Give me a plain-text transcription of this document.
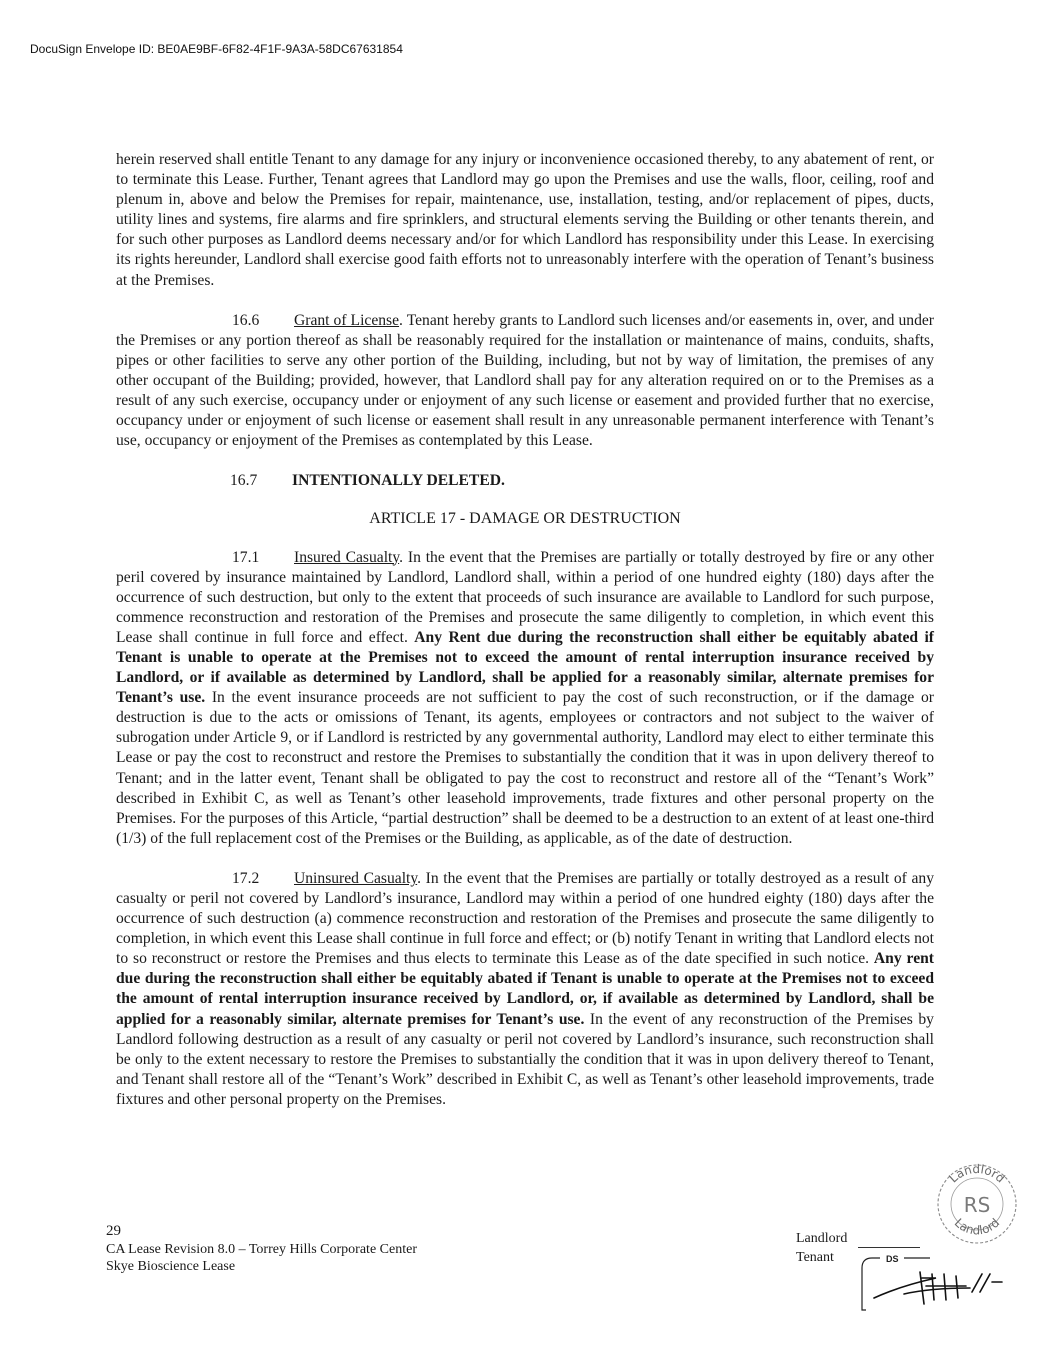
DocuSign Envelope ID: BE0AE9BF-6F82-4F1F-9A3A-58DC67631854

herein reserved shall entitle Tenant to any damage for any injury or inconvenience occasioned thereby, to any abatement of rent, or to terminate this Lease. Further, Tenant agrees that Landlord may go upon the Premises and use the walls, floor, ceiling, roof and plenum in, above and below the Premises for repair, maintenance, use, installation, testing, and/or replacement of pipes, ducts, utility lines and systems, fire alarms and fire sprinklers, and structural elements serving the Building or other tenants therein, and for such other purposes as Landlord deems necessary and/or for which Landlord has responsibility under this Lease. In exercising its rights hereunder, Landlord shall exercise good faith efforts not to unreasonably interfere with the operation of Tenant’s business at the Premises.

16.6 Grant of License. Tenant hereby grants to Landlord such licenses and/or easements in, over, and under the Premises or any portion thereof as shall be reasonably required for the installation or maintenance of mains, conduits, shafts, pipes or other facilities to serve any other portion of the Building, including, but not by way of limitation, the premises of any other occupant of the Building; provided, however, that Landlord shall pay for any alteration required on or to the Premises as a result of any such exercise, occupancy under or enjoyment of any such license or easement and provided further that no exercise, occupancy under or enjoyment of such license or easement shall result in any unreasonable permanent interference with Tenant’s use, occupancy or enjoyment of the Premises as contemplated by this Lease.

16.7 INTENTIONALLY DELETED.

ARTICLE 17 - DAMAGE OR DESTRUCTION

17.1 Insured Casualty. In the event that the Premises are partially or totally destroyed by fire or any other peril covered by insurance maintained by Landlord, Landlord shall, within a period of one hundred eighty (180) days after the occurrence of such destruction, but only to the extent that proceeds of such insurance are available to Landlord for such purpose, commence reconstruction and restoration of the Premises and prosecute the same diligently to completion, in which event this Lease shall continue in full force and effect. Any Rent due during the reconstruction shall either be equitably abated if Tenant is unable to operate at the Premises not to exceed the amount of rental interruption insurance received by Landlord, or if available as determined by Landlord, shall be applied for a reasonably similar, alternate premises for Tenant’s use. In the event insurance proceeds are not sufficient to pay the cost of such reconstruction, or if the damage or destruction is due to the acts or omissions of Tenant, its agents, employees or contractors and not subject to the waiver of subrogation under Article 9, or if Landlord is restricted by any governmental authority, Landlord may elect to either terminate this Lease or pay the cost to reconstruct and restore the Premises to substantially the condition that it was in upon delivery thereof to Tenant; and in the latter event, Tenant shall be obligated to pay the cost to reconstruct and restore all of the “Tenant’s Work” described in Exhibit C, as well as Tenant’s other leasehold improvements, trade fixtures and other personal property on the Premises. For the purposes of this Article, “partial destruction” shall be deemed to be a destruction to an extent of at least one-third (1/3) of the full replacement cost of the Premises or the Building, as applicable, as of the date of destruction.

17.2 Uninsured Casualty. In the event that the Premises are partially or totally destroyed as a result of any casualty or peril not covered by Landlord’s insurance, Landlord may within a period of one hundred eighty (180) days after the occurrence of such destruction (a) commence reconstruction and restoration of the Premises and prosecute the same diligently to completion, in which event this Lease shall continue in full force and effect; or (b) notify Tenant in writing that Landlord elects not to so reconstruct or restore the Premises and thus elects to terminate this Lease as of the date specified in such notice. Any rent due during the reconstruction shall either be equitably abated if Tenant is unable to operate at the Premises not to exceed the amount of rental interruption insurance received by Landlord, or, if available as determined by Landlord, shall be applied for a reasonably similar, alternate premises for Tenant’s use. In the event of any reconstruction of the Premises by Landlord following destruction as a result of any casualty or peril not covered by Landlord’s insurance, such reconstruction shall be only to the extent necessary to restore the Premises to substantially the condition that it was in upon delivery thereof to Tenant, and Tenant shall restore all of the “Tenant’s Work” described in Exhibit C, as well as Tenant’s other leasehold improvements, trade fixtures and other personal property on the Premises.

29
CA Lease Revision 8.0 – Torrey Hills Corporate Center
Skye Bioscience Lease
Landlord
Tenant
Landlord
Landlord
RS
DS
